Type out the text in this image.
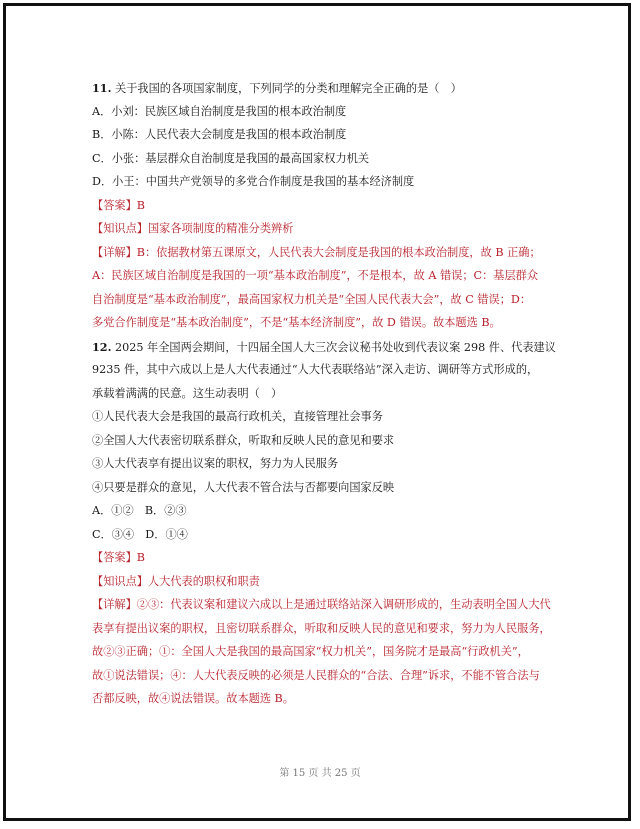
11. 关于我国的各项国家制度，下列同学的分类和理解完全正确的是（　）
A．小刘：民族区域自治制度是我国的根本政治制度
B．小陈：人民代表大会制度是我国的根本政治制度
C．小张：基层群众自治制度是我国的最高国家权力机关
D．小王：中国共产党领导的多党合作制度是我国的基本经济制度
【答案】B
【知识点】国家各项制度的精准分类辨析
【详解】B：依据教材第五课原文，人民代表大会制度是我国的根本政治制度，故 B 正确；
A：民族区域自治制度是我国的一项“基本政治制度”，不是根本，故 A 错误；C：基层群众
自治制度是“基本政治制度”，最高国家权力机关是“全国人民代表大会”，故 C 错误；D：
多党合作制度是“基本政治制度”，不是“基本经济制度”，故 D 错误。故本题选 B。
12. 2025 年全国两会期间，十四届全国人大三次会议秘书处收到代表议案 298 件、代表建议
9235 件，其中六成以上是人大代表通过“人大代表联络站”深入走访、调研等方式形成的，
承载着满满的民意。这生动表明（　）
①人民代表大会是我国的最高行政机关，直接管理社会事务
②全国人大代表密切联系群众，听取和反映人民的意见和要求
③人大代表享有提出议案的职权，努力为人民服务
④只要是群众的意见，人大代表不管合法与否都要向国家反映
A．①②　B．②③
C．③④　D．①④
【答案】B
【知识点】人大代表的职权和职责
【详解】②③：代表议案和建议六成以上是通过联络站深入调研形成的，生动表明全国人大代
表享有提出议案的职权，且密切联系群众，听取和反映人民的意见和要求，努力为人民服务，
故②③正确；①：全国人大是我国的最高国家“权力机关”，国务院才是最高“行政机关”，
故①说法错误；④：人大代表反映的必须是人民群众的“合法、合理”诉求，不能不管合法与
否都反映，故④说法错误。故本题选 B。
第 15 页 共 25 页
